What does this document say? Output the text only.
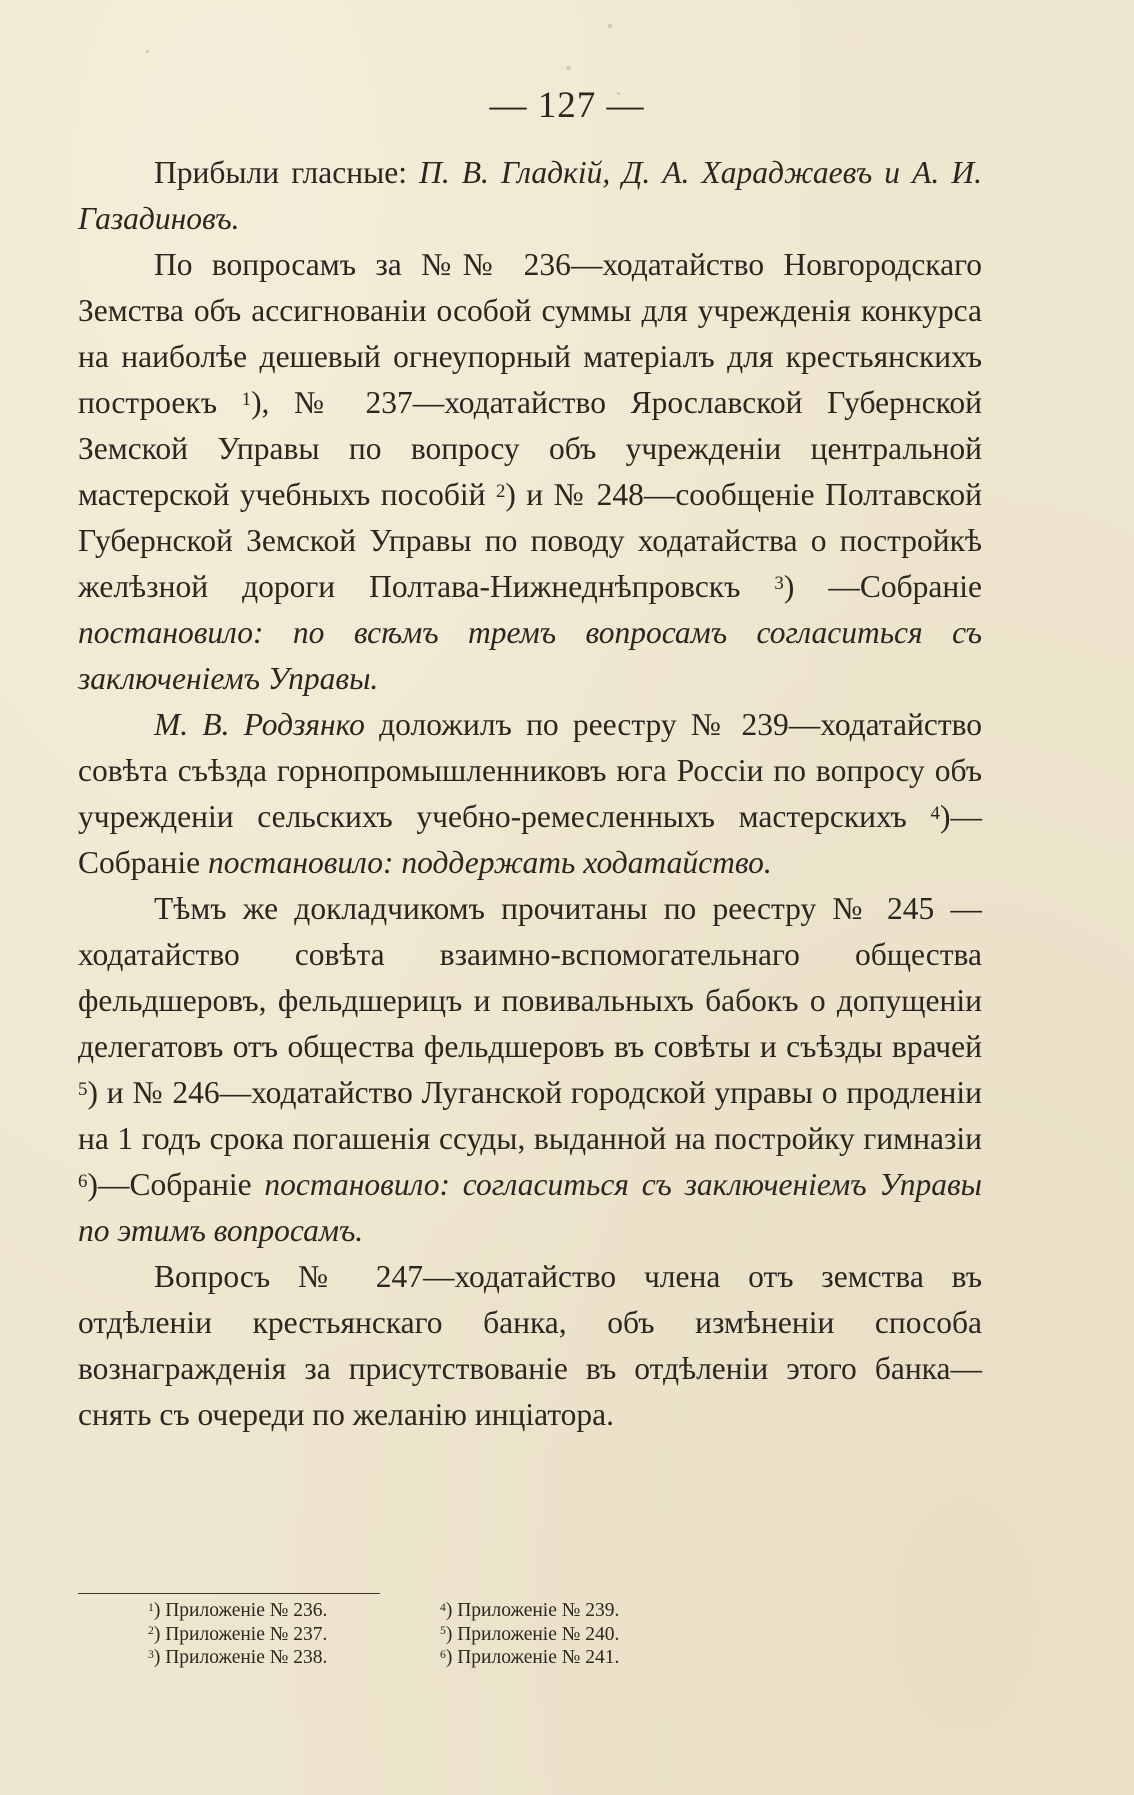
— 127 —

Прибыли гласные: П. В. Гладкій, Д. А. Хараджаевъ и А. И. Газадиновъ.

По вопросамъ за №№ 236—ходатайство Новгородскаго Земства объ ассигнованіи особой суммы для учрежденія конкурса на наиболѣе дешевый огнеупорный матеріалъ для крестьянскихъ построекъ $^1$), № 237—ходатайство Ярославской Губернской Земской Управы по вопросу объ учрежденіи центральной мастерской учебныхъ пособій $^2$) и № 248—сообщеніе Полтавской Губернской Земской Управы по поводу ходатайства о постройкѣ желѣзной дороги Полтава-Нижнеднѣпровскъ $^3$) —Собраніе постановило: по всѣмъ тремъ вопросамъ согласиться съ заключеніемъ Управы.

М. В. Родзянко доложилъ по реестру № 239—ходатайство совѣта съѣзда горнопромышленниковъ юга Россіи по вопросу объ учрежденіи сельскихъ учебно-ремесленныхъ мастерскихъ $^4$)—Собраніе постановило: поддержать ходатайство.

Тѣмъ же докладчикомъ прочитаны по реестру № 245 —ходатайство совѣта взаимно-вспомогательнаго общества фельдшеровъ, фельдшерицъ и повивальныхъ бабокъ о допущеніи делегатовъ отъ общества фельдшеровъ въ совѣты и съѣзды врачей $^5$) и № 246—ходатайство Луганской городской управы о продленіи на 1 годъ срока погашенія ссуды, выданной на постройку гимназіи $^6$)—Собраніе постановило: согласиться съ заключеніемъ Управы по этимъ вопросамъ.

Вопросъ № 247—ходатайство члена отъ земства въ отдѣленіи крестьянскаго банка, объ измѣненіи способа вознагражденія за присутствованіе въ отдѣленіи этого банка—снять съ очереди по желанію инціатора.

$^1$) Приложеніе № 236.	$^4$) Приложеніе № 239.
$^2$) Приложеніе № 237.	$^5$) Приложеніе № 240.
$^3$) Приложеніе № 238.	$^6$) Приложеніе № 241.
